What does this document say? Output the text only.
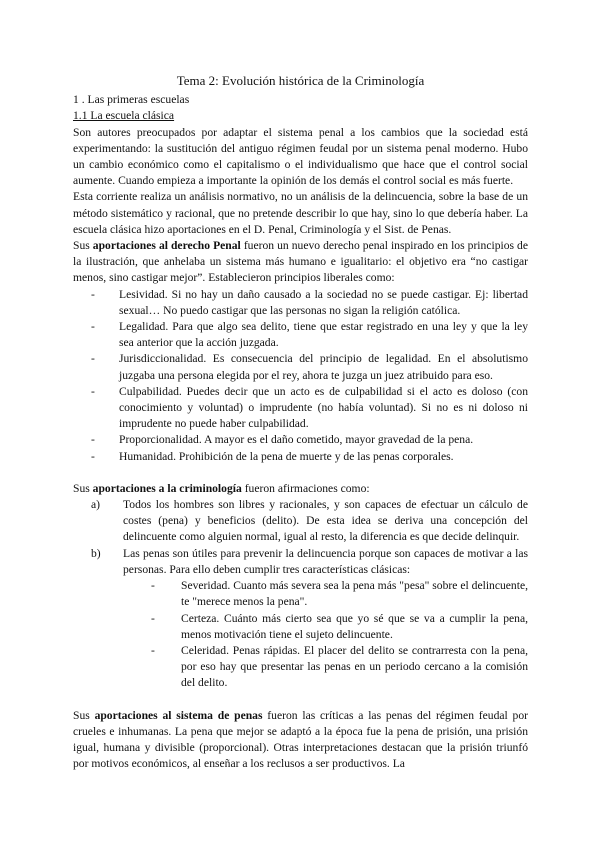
Tema 2: Evolución histórica de la Criminología
1 . Las primeras escuelas
1.1 La escuela clásica

Son autores preocupados por adaptar el sistema penal a los cambios que la sociedad está experimentando: la sustitución del antiguo régimen feudal por un sistema penal moderno. Hubo un cambio económico como el capitalismo o el individualismo que hace que el control social aumente. Cuando empieza a importante la opinión de los demás el control social es más fuerte.

Esta corriente realiza un análisis normativo, no un análisis de la delincuencia, sobre la base de un método sistemático y racional, que no pretende describir lo que hay, sino lo que debería haber. La escuela clásica hizo aportaciones en el D. Penal, Criminología y el Sist. de Penas.

Sus aportaciones al derecho Penal fueron un nuevo derecho penal inspirado en los principios de la ilustración, que anhelaba un sistema más humano e igualitario: el objetivo era “no castigar menos, sino castigar mejor”. Establecieron principios liberales como:

- Lesividad. Si no hay un daño causado a la sociedad no se puede castigar. Ej: libertad sexual… No puedo castigar que las personas no sigan la religión católica.
- Legalidad. Para que algo sea delito, tiene que estar registrado en una ley y que la ley sea anterior que la acción juzgada.
- Jurisdiccionalidad. Es consecuencia del principio de legalidad. En el absolutismo juzgaba una persona elegida por el rey, ahora te juzga un juez atribuido para eso.
- Culpabilidad. Puedes decir que un acto es de culpabilidad si el acto es doloso (con conocimiento y voluntad) o imprudente (no había voluntad). Si no es ni doloso ni imprudente no puede haber culpabilidad.
- Proporcionalidad. A mayor es el daño cometido, mayor gravedad de la pena.
- Humanidad. Prohibición de la pena de muerte y de las penas corporales.

Sus aportaciones a la criminología fueron afirmaciones como:

a) Todos los hombres son libres y racionales, y son capaces de efectuar un cálculo de costes (pena) y beneficios (delito). De esta idea se deriva una concepción del delincuente como alguien normal, igual al resto, la diferencia es que decide delinquir.
b) Las penas son útiles para prevenir la delincuencia porque son capaces de motivar a las personas. Para ello deben cumplir tres características clásicas:
- Severidad. Cuanto más severa sea la pena más "pesa" sobre el delincuente, te "merece menos la pena".
- Certeza. Cuánto más cierto sea que yo sé que se va a cumplir la pena, menos motivación tiene el sujeto delincuente.
- Celeridad. Penas rápidas. El placer del delito se contrarresta con la pena, por eso hay que presentar las penas en un periodo cercano a la comisión del delito.

Sus aportaciones al sistema de penas fueron las críticas a las penas del régimen feudal por crueles e inhumanas. La pena que mejor se adaptó a la época fue la pena de prisión, una prisión igual, humana y divisible (proporcional). Otras interpretaciones destacan que la prisión triunfó por motivos económicos, al enseñar a los reclusos a ser productivos. La
